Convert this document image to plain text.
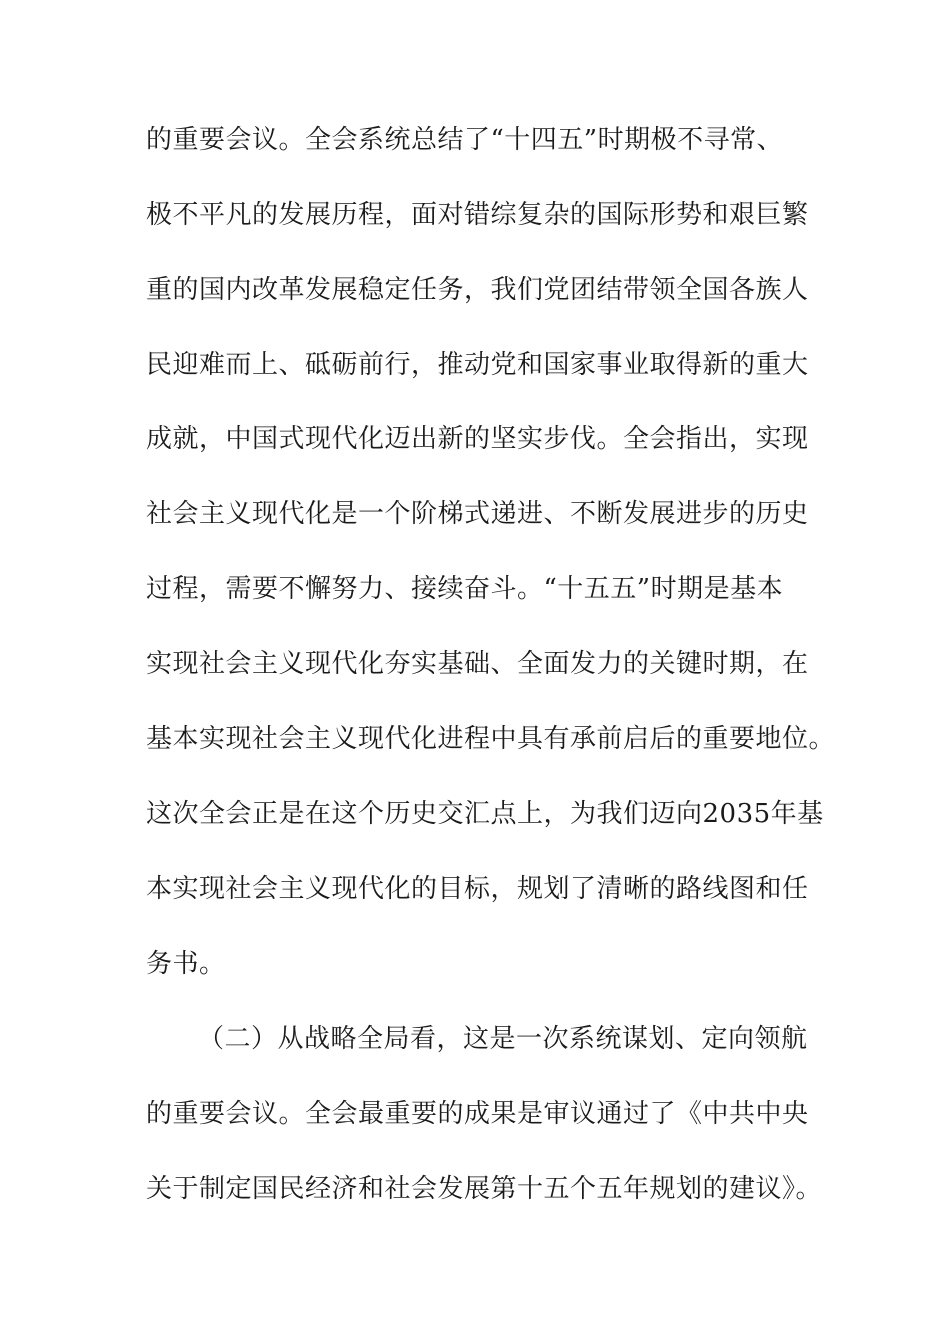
的重要会议。全会系统总结了“十四五”时期极不寻常、

极不平凡的发展历程，面对错综复杂的国际形势和艰巨繁

重的国内改革发展稳定任务，我们党团结带领全国各族人

民迎难而上、砥砺前行，推动党和国家事业取得新的重大

成就，中国式现代化迈出新的坚实步伐。全会指出，实现

社会主义现代化是一个阶梯式递进、不断发展进步的历史

过程，需要不懈努力、接续奋斗。“十五五”时期是基本

实现社会主义现代化夯实基础、全面发力的关键时期，在

基本实现社会主义现代化进程中具有承前启后的重要地位。

这次全会正是在这个历史交汇点上，为我们迈向2035年基

本实现社会主义现代化的目标，规划了清晰的路线图和任

务书。

（二）从战略全局看，这是一次系统谋划、定向领航

的重要会议。全会最重要的成果是审议通过了《中共中央

关于制定国民经济和社会发展第十五个五年规划的建议》。
